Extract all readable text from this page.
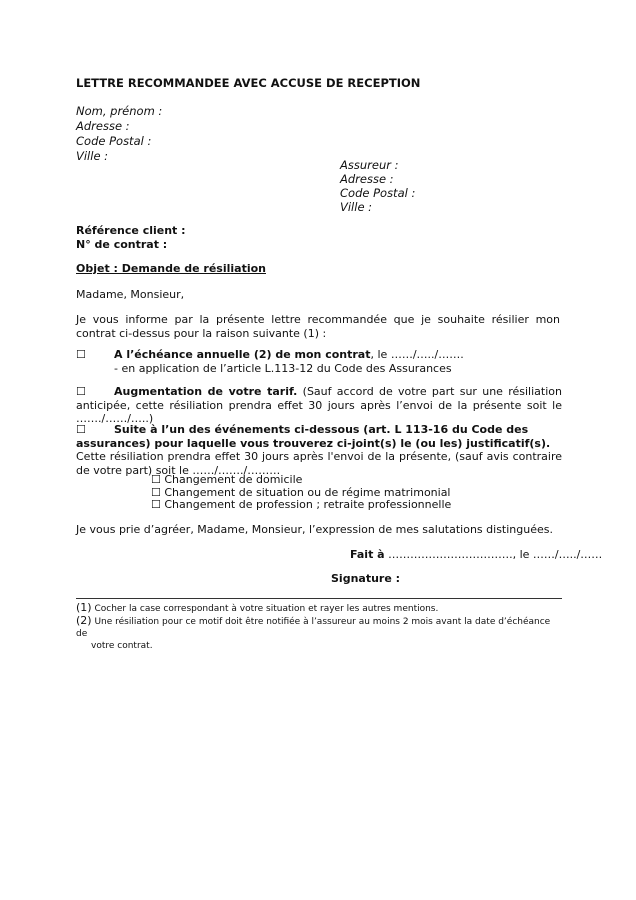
LETTRE RECOMMANDEE AVEC ACCUSE DE RECEPTION
Nom, prénom :
Adresse :
Code Postal :
Ville :
Assureur :
Adresse :
Code Postal :
Ville :
Référence client :
N° de contrat :
Objet : Demande de résiliation
Madame, Monsieur,
Je vous informe par la présente lettre recommandée que je souhaite résilier mon contrat ci-dessus pour la raison suivante (1) :
☐	A l’échéance annuelle (2) de mon contrat, le ……/…../…….
- en application de l’article L.113-12 du Code des Assurances
☐	Augmentation de votre tarif. (Sauf accord de votre part sur une résiliation anticipée, cette résiliation prendra effet 30 jours après l’envoi de la présente soit le ……./……/…..)
☐	Suite à l’un des événements ci-dessous (art. L 113-16 du Code des assurances) pour laquelle vous trouverez ci-joint(s) le (ou les) justificatif(s).
Cette résiliation prendra effet 30 jours après l'envoi de la présente, (sauf avis contraire de votre part) soit le ……/……./………
☐ Changement de domicile
☐ Changement de situation ou de régime matrimonial
☐ Changement de profession ; retraite professionnelle
Je vous prie d’agréer, Madame, Monsieur, l’expression de mes salutations distinguées.
Fait à ……………………………., le ……/…../……
Signature :
(1) Cocher la case correspondant à votre situation et rayer les autres mentions.
(2) Une résiliation pour ce motif doit être notifiée à l’assureur au moins 2 mois avant la date d’échéance de
votre contrat.
